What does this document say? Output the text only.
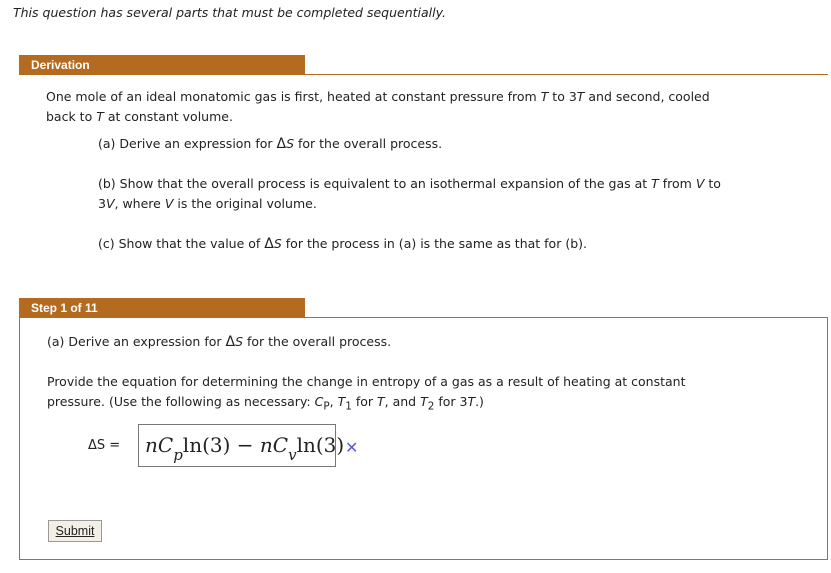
This question has several parts that must be completed sequentially.
Derivation
One mole of an ideal monatomic gas is first, heated at constant pressure from T to 3T and second, cooled
back to T at constant volume.
(a) Derive an expression for ΔS for the overall process.
(b) Show that the overall process is equivalent to an isothermal expansion of the gas at T from V to
3V, where V is the original volume.
(c) Show that the value of ΔS for the process in (a) is the same as that for (b).
Step 1 of 11
(a) Derive an expression for ΔS for the overall process.
Provide the equation for determining the change in entropy of a gas as a result of heating at constant
pressure. (Use the following as necessary: $C_P$, $T_1$ for T, and $T_2$ for 3T.)
ΔS =	$nC_p\ln(3) - nC_v\ln(3)$ ✕
Submit
